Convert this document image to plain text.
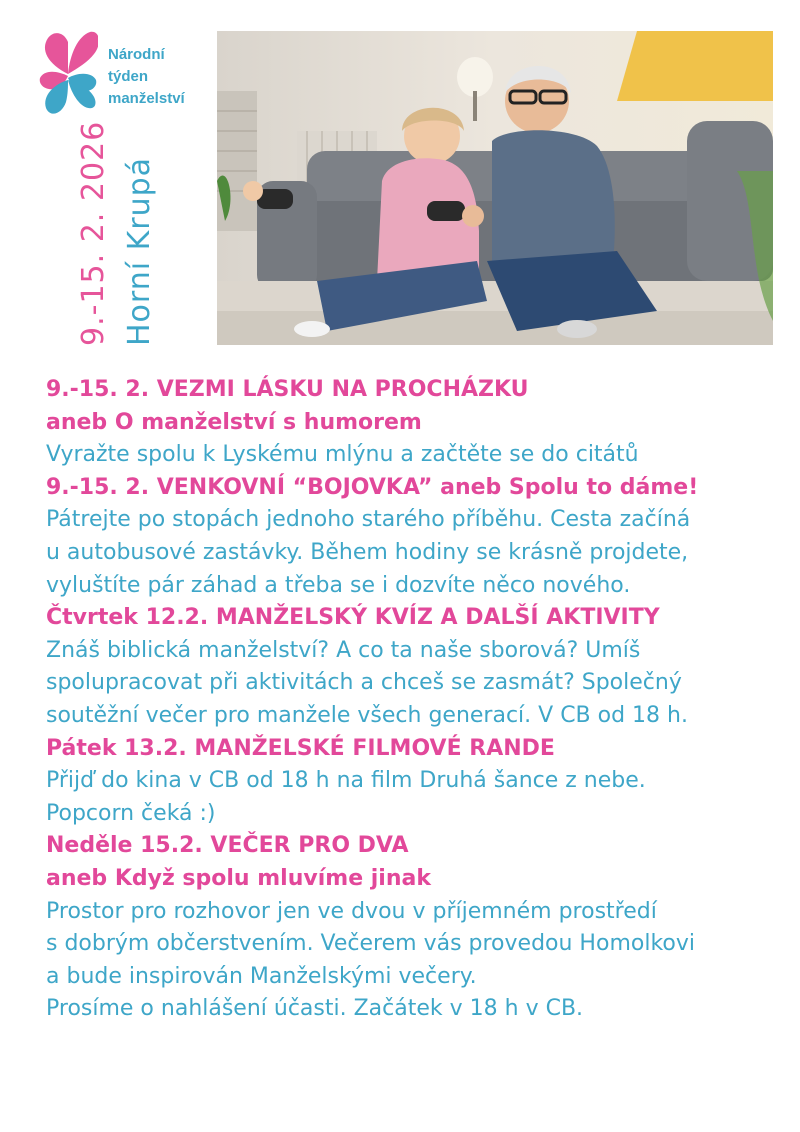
Národní
týden
manželství
9.-15. 2. 2026 Horní Krupá
9.-15. 2. VEZMI LÁSKU NA PROCHÁZKU
aneb O manželství s humorem
Vyražte spolu k Lyskému mlýnu a začtěte se do citátů
9.-15. 2. VENKOVNÍ “BOJOVKA” aneb Spolu to dáme!
Pátrejte po stopách jednoho starého příběhu. Cesta začíná
u autobusové zastávky. Během hodiny se krásně projdete,
vyluštíte pár záhad a třeba se i dozvíte něco nového.
Čtvrtek 12.2. MANŽELSKÝ KVÍZ A DALŠÍ AKTIVITY
Znáš biblická manželství? A co ta naše sborová? Umíš
spolupracovat při aktivitách a chceš se zasmát? Společný
soutěžní večer pro manžele všech generací. V CB od 18 h.
Pátek 13.2. MANŽELSKÉ FILMOVÉ RANDE
Přijď do kina v CB od 18 h na film Druhá šance z nebe.
Popcorn čeká :)
Neděle 15.2. VEČER PRO DVA
aneb Když spolu mluvíme jinak
Prostor pro rozhovor jen ve dvou v příjemném prostředí
s dobrým občerstvením. Večerem vás provedou Homolkovi
a bude inspirován Manželskými večery.
Prosíme o nahlášení účasti. Začátek v 18 h v CB.
